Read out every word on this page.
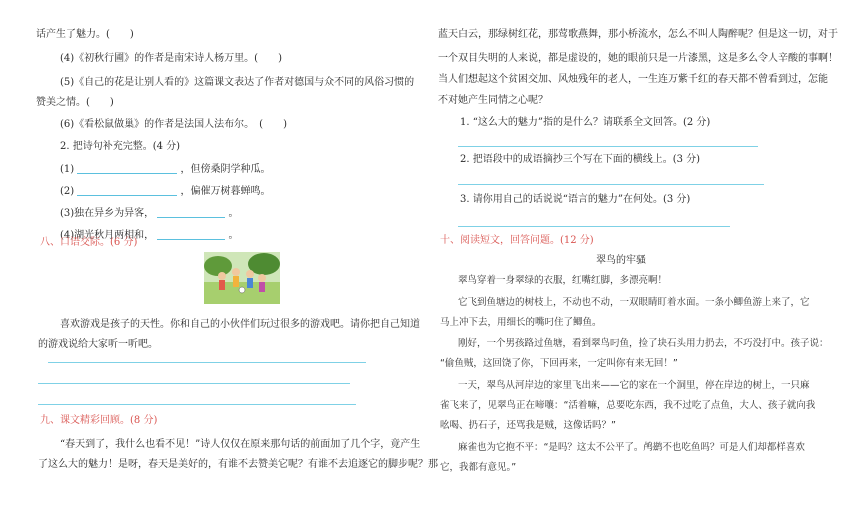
话产生了魅力。(　　)
(4)《初秋行圃》的作者是南宋诗人杨万里。(　　)
(5)《自己的花是让别人看的》这篇课文表达了作者对德国与众不同的风俗习惯的
赞美之情。(　　)
(6)《看松鼠做巢》的作者是法国人法布尔。　(　　)
2. 把诗句补充完整。(4 分)
(1)	，但傍桑阴学种瓜。
(2)	，偏催万树暮蝉鸣。
(3)独在异乡为异客，	。
(4)湖光秋月两相和，	。
八、口语交际。(6 分)
喜欢游戏是孩子的天性。你和自己的小伙伴们玩过很多的游戏吧。请你把自己知道
的游戏说给大家听一听吧。
九、课文精彩回顾。(8 分)
“春天到了，我什么也看不见！”诗人仅仅在原来那句话的前面加了几个字，竟产生
了这么大的魅力！是呀，春天是美好的，有谁不去赞美它呢？有谁不去追逐它的脚步呢？那
蓝天白云，那绿树红花，那莺歌燕舞，那小桥流水，怎么不叫人陶醉呢？但是这一切，对于
一个双目失明的人来说，都是虚设的，她的眼前只是一片漆黑，这是多么令人辛酸的事啊！
当人们想起这个贫困交加、风烛残年的老人，一生连万紫千红的春天都不曾看到过，怎能
不对她产生同情之心呢？
1. “这么大的魅力”指的是什么？请联系全文回答。(2 分)
2. 把语段中的成语摘抄三个写在下面的横线上。(3 分)
3. 请你用自己的话说说“语言的魅力”在何处。(3 分)
十、阅读短文，回答问题。(12 分)
翠鸟的牢骚
翠鸟穿着一身翠绿的衣服，红嘴红脚，多漂亮啊！
它飞到鱼塘边的树枝上，不动也不动，一双眼睛盯着水面。一条小鲫鱼游上来了，它
马上冲下去，用细长的嘴叼住了鲫鱼。
刚好，一个男孩路过鱼塘，看到翠鸟叼鱼，捡了块石头用力扔去，不巧没打中。孩子说：
“偷鱼贼，这回饶了你，下回再来，一定叫你有来无回！”
一天，翠鸟从河岸边的家里飞出来——它的家在一个洞里，停在岸边的树上，一只麻
雀飞来了，见翠鸟正在啼嚷：“活着嘛，总要吃东西，我不过吃了点鱼，大人、孩子就向我
吆喝、扔石子，还骂我是贼，这像话吗？”
麻雀也为它抱不平：“是吗？这太不公平了。鸬鹚不也吃鱼吗？可是人们却都样喜欢
它，我都有意见。”
